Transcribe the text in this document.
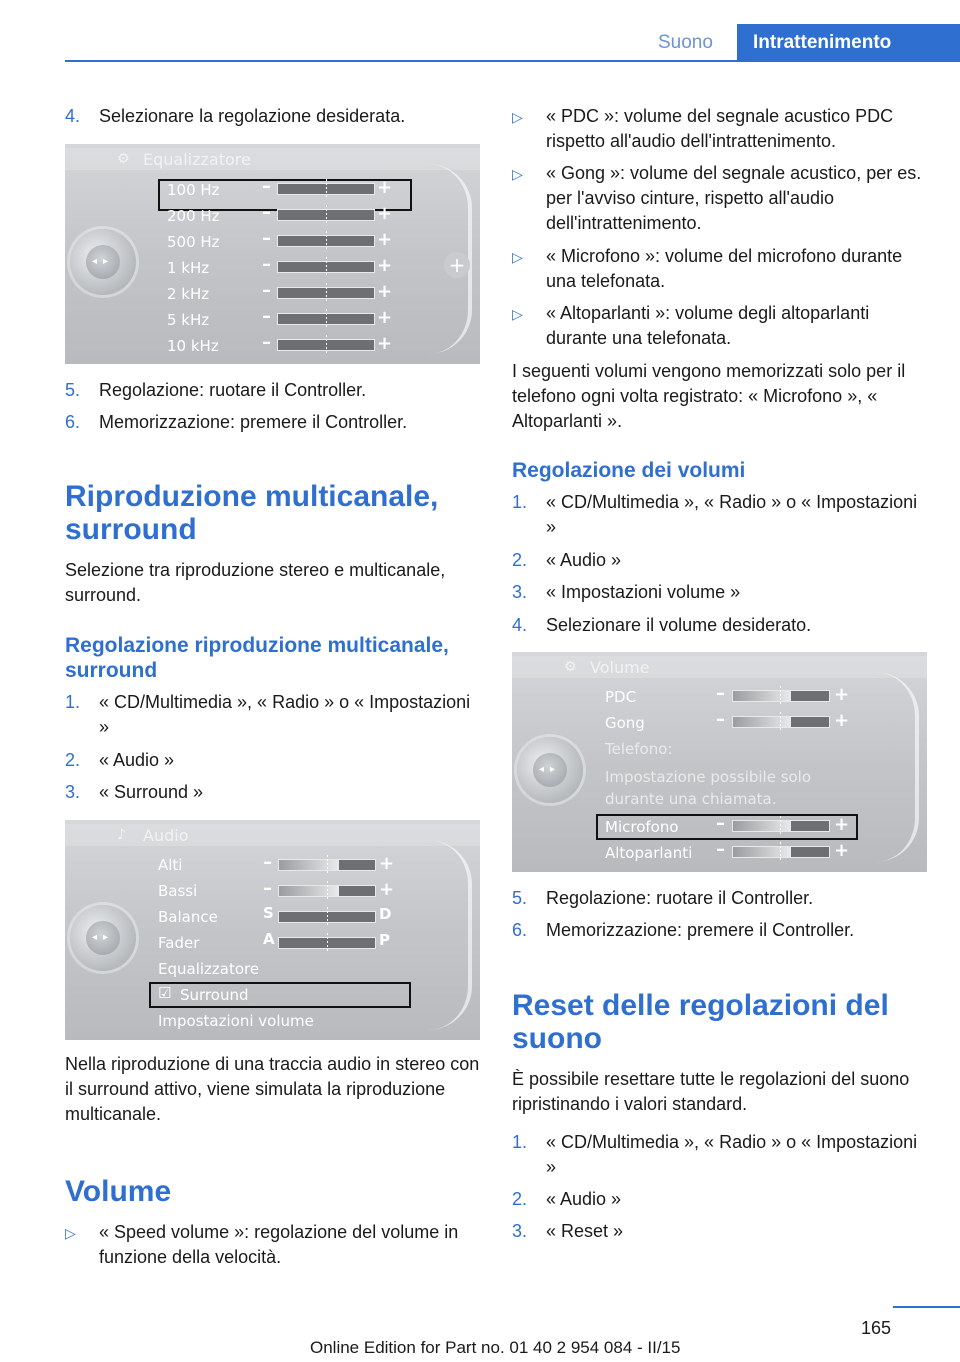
Suono	Intrattenimento
4. Selezionare la regolazione desiderata.
⚙ Equalizzatore
◂▸	+
100 Hz –	+
200 Hz –	+
500 Hz –	+
1 kHz	–	+
2 kHz	–	+
5 kHz	–	+
10 kHz –	+
5. Regolazione: ruotare il Controller.
6. Memorizzazione: premere il Controller.
Riproduzione multicanale, surround
Selezione tra riproduzione stereo e multicanale, surround.
Regolazione riproduzione multicanale, surround
1. « CD/Multimedia », « Radio » o « Impostazioni »
2. « Audio »
3. « Surround »
♪ Audio
◂▸
Alti	–	+
Bassi	–	+
Balance	S	D
Fader	A	P
Equalizzatore
Surround
☑
Impostazioni volume
Nella riproduzione di una traccia audio in stereo con il surround attivo, viene simulata la riproduzione multicanale.
Volume
▷ « Speed volume »: regolazione del volume in funzione della velocità.
▷ « PDC »: volume del segnale acustico PDC rispetto all'audio dell'intrattenimento.
▷ « Gong »: volume del segnale acustico, per es. per l'avviso cinture, rispetto all'audio dell'intrattenimento.
▷ « Microfono »: volume del microfono durante una telefonata.
▷ « Altoparlanti »: volume degli altoparlanti durante una telefonata.
I seguenti volumi vengono memorizzati solo per il telefono ogni volta registrato: « Microfono », « Altoparlanti ».
Regolazione dei volumi
1. « CD/Multimedia », « Radio » o « Impostazioni »
2. « Audio »
3. « Impostazioni volume »
4. Selezionare il volume desiderato.
⚙ Volume
◂▸
PDC	–	+
Gong	–	+
Telefono:
Impostazione possibile solo durante una chiamata.
Microfono –	+
Altoparlanti –	+
5. Regolazione: ruotare il Controller.
6. Memorizzazione: premere il Controller.
Reset delle regolazioni del suono
È possibile resettare tutte le regolazioni del suono ripristinando i valori standard.
1. « CD/Multimedia », « Radio » o « Impostazioni »
2. « Audio »
3. « Reset »
165
Online Edition for Part no. 01 40 2 954 084 - II/15
